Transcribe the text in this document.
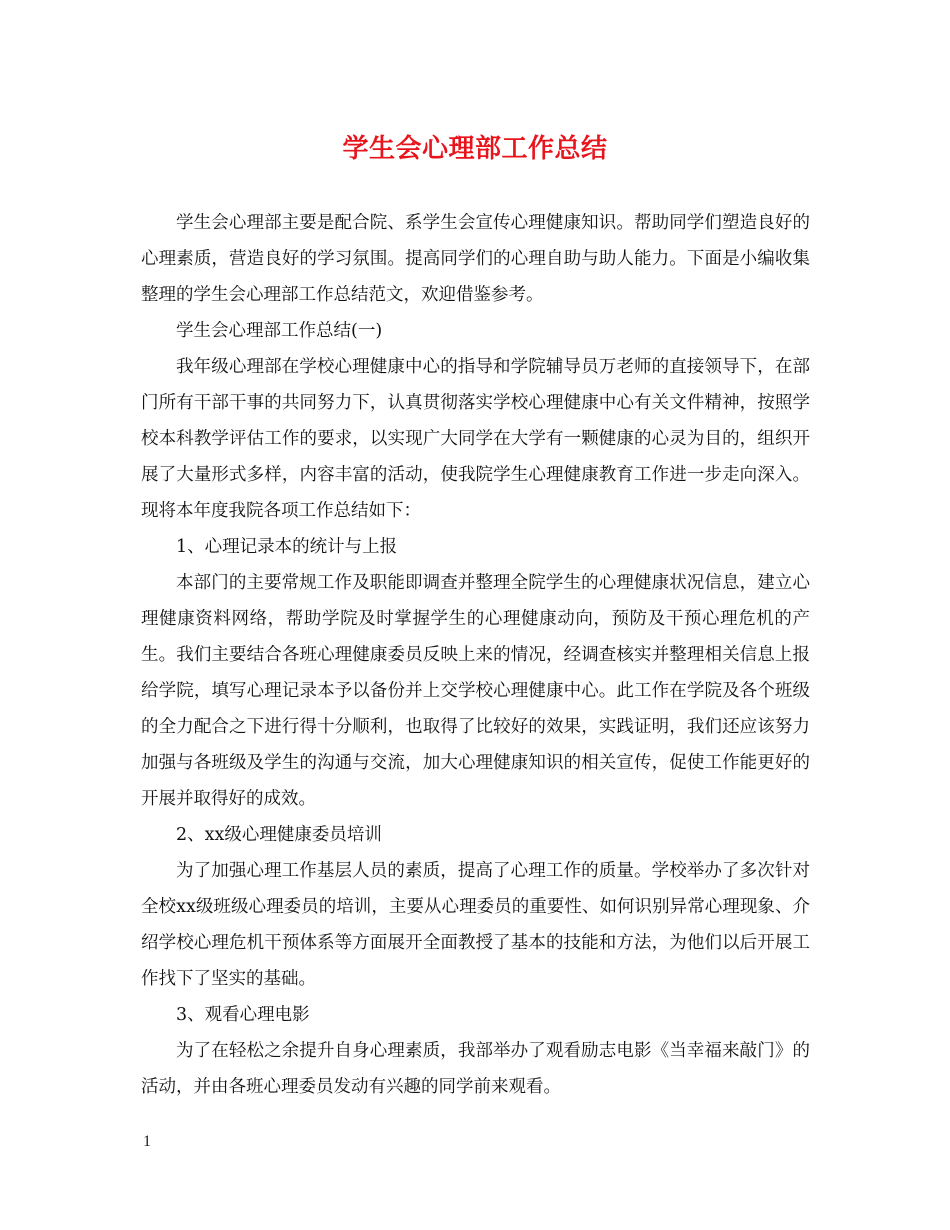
学生会心理部工作总结

学生会心理部主要是配合院、系学生会宣传心理健康知识。帮助同学们塑造良好的心理素质，营造良好的学习氛围。提高同学们的心理自助与助人能力。下面是小编收集整理的学生会心理部工作总结范文，欢迎借鉴参考。

学生会心理部工作总结(一)

我年级心理部在学校心理健康中心的指导和学院辅导员万老师的直接领导下，在部门所有干部干事的共同努力下，认真贯彻落实学校心理健康中心有关文件精神，按照学校本科教学评估工作的要求，以实现广大同学在大学有一颗健康的心灵为目的，组织开展了大量形式多样，内容丰富的活动，使我院学生心理健康教育工作进一步走向深入。现将本年度我院各项工作总结如下：

1、心理记录本的统计与上报

本部门的主要常规工作及职能即调查并整理全院学生的心理健康状况信息，建立心理健康资料网络，帮助学院及时掌握学生的心理健康动向，预防及干预心理危机的产生。我们主要结合各班心理健康委员反映上来的情况，经调查核实并整理相关信息上报给学院，填写心理记录本予以备份并上交学校心理健康中心。此工作在学院及各个班级的全力配合之下进行得十分顺利，也取得了比较好的效果，实践证明，我们还应该努力加强与各班级及学生的沟通与交流，加大心理健康知识的相关宣传，促使工作能更好的开展并取得好的成效。

2、xx级心理健康委员培训

为了加强心理工作基层人员的素质，提高了心理工作的质量。学校举办了多次针对全校xx级班级心理委员的培训，主要从心理委员的重要性、如何识别异常心理现象、介绍学校心理危机干预体系等方面展开全面教授了基本的技能和方法，为他们以后开展工作找下了坚实的基础。

3、观看心理电影

为了在轻松之余提升自身心理素质，我部举办了观看励志电影《当幸福来敲门》的活动，并由各班心理委员发动有兴趣的同学前来观看。

1
